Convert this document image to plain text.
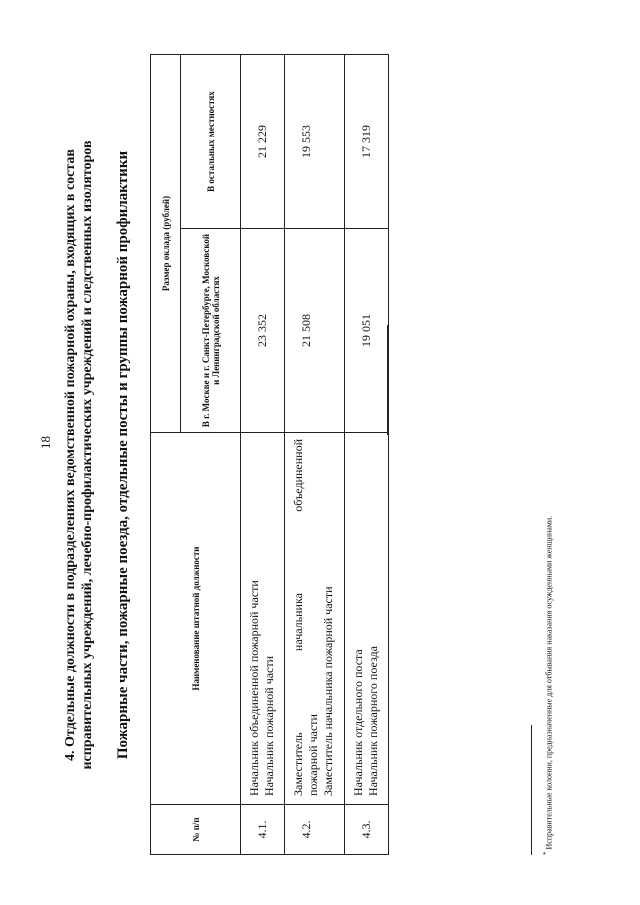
18 4. Отдельные должности в подразделениях ведомственной пожарной охраны, входящих в состав исправительных учреждений, лечебно-профилактических учреждений и следственных изоляторов Пожарные части, пожарные поезда, отдельные посты и группы пожарной профилактики
№ п/п	Наименование штатной должности	Размер оклада (рублей)	
		В г. Москве и г. Санкт-Петербурге, Московской и Ленинградской областях	В остальных местностях
4.1.	Начальник объединенной пожарной части Начальник пожарной части	23 352	21 229
4.2.	Заместитель
начальника
объединенной
пожарной части Заместитель начальника пожарной части	21 508	19 553
4.3.	Начальник отдельного поста Начальник пожарного поезда	19 051	17 319
* Исправительные колонии, предназначенные для отбывания наказания осужденными женщинами.
